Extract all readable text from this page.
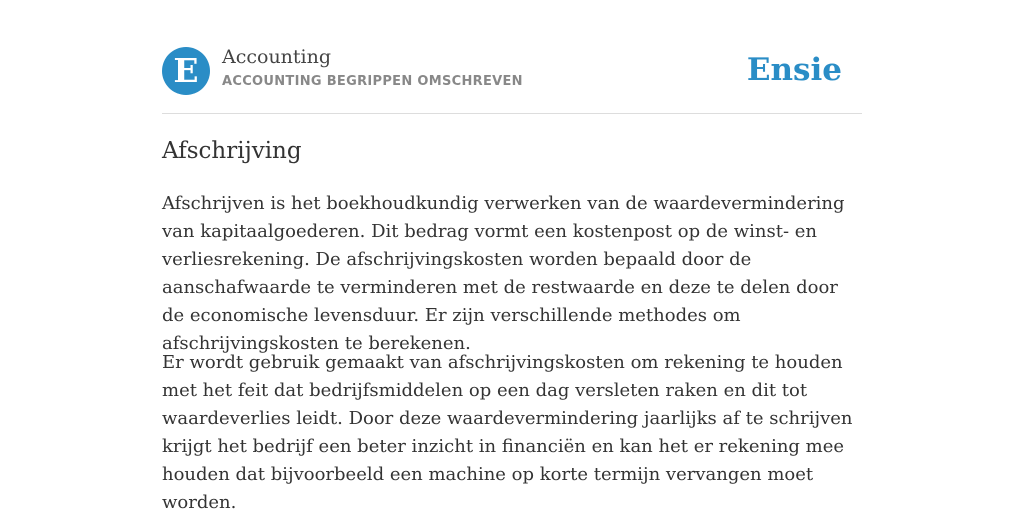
E	Accounting
ACCOUNTING BEGRIPPEN OMSCHREVEN	Ensie
Afschrijving

Afschrijven is het boekhoudkundig verwerken van de waardevermindering van kapitaalgoederen. Dit bedrag vormt een kostenpost op de winst- en verliesrekening. De afschrijvingskosten worden bepaald door de aanschafwaarde te verminderen met de restwaarde en deze te delen door de economische levensduur. Er zijn verschillende methodes om afschrijvingskosten te berekenen.

Er wordt gebruik gemaakt van afschrijvingskosten om rekening te houden met het feit dat bedrijfsmiddelen op een dag versleten raken en dit tot waardeverlies leidt. Door deze waardevermindering jaarlijks af te schrijven krijgt het bedrijf een beter inzicht in financiën en kan het er rekening mee houden dat bijvoorbeeld een machine op korte termijn vervangen moet worden.
